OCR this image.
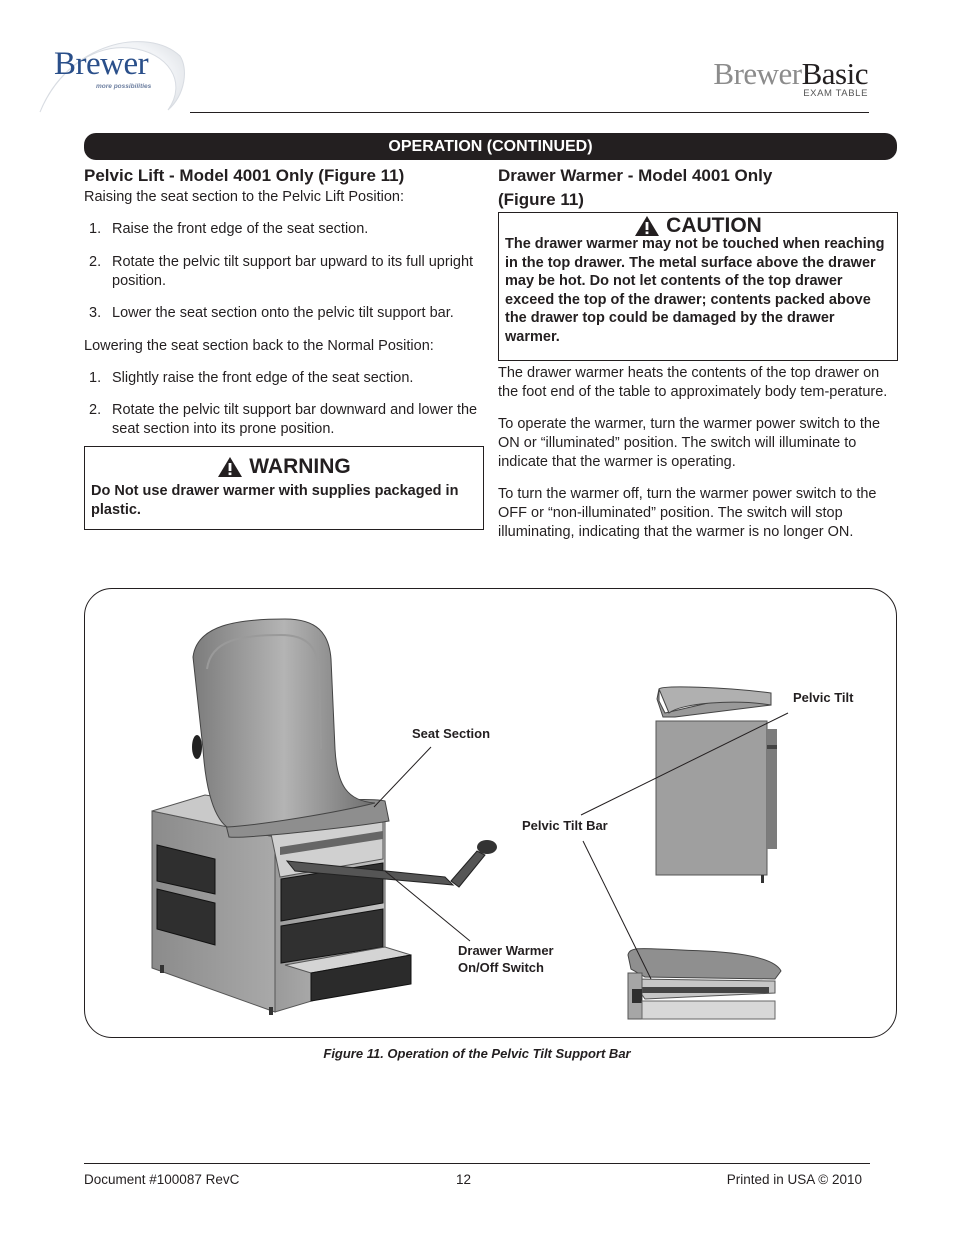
Brewer
more possibilities	BrewerBasic
EXAM TABLE
OPERATION (CONTINUED)
Pelvic Lift - Model 4001 Only (Figure 11)

Raising the seat section to the Pelvic Lift Position:

1. Raise the front edge of the seat section.
2. Rotate the pelvic tilt support bar upward to its full upright position.
3. Lower the seat section onto the pelvic tilt support bar.

Lowering the seat section back to the Normal Position:

1. Slightly raise the front edge of the seat section.
2. Rotate the pelvic tilt support bar downward and lower the seat section into its prone position.
WARNING
Do Not use drawer warmer with supplies packaged in plastic.
Drawer Warmer - Model 4001 Only
(Figure 11)
CAUTION
The drawer warmer may not be touched when reaching in the top drawer. The metal surface above the drawer may be hot. Do not let contents of the top drawer exceed the top of the drawer; contents packed above the drawer top could be damaged by the drawer warmer.

The drawer warmer heats the contents of the top drawer on the foot end of the table to approximately body tem-perature.

To operate the warmer, turn the warmer power switch to the ON or “illuminated” position. The switch will illuminate to indicate that the warmer is operating.

To turn the warmer off, turn the warmer power switch to the OFF or “non-illuminated” position. The switch will stop illuminating, indicating that the warmer is no longer ON.

Seat Section
Pelvic Tilt
Pelvic Tilt Bar
Drawer Warmer
On/Off Switch
Figure 11. Operation of the Pelvic Tilt Support Bar
Document #100087 RevC	12	Printed in USA © 2010
